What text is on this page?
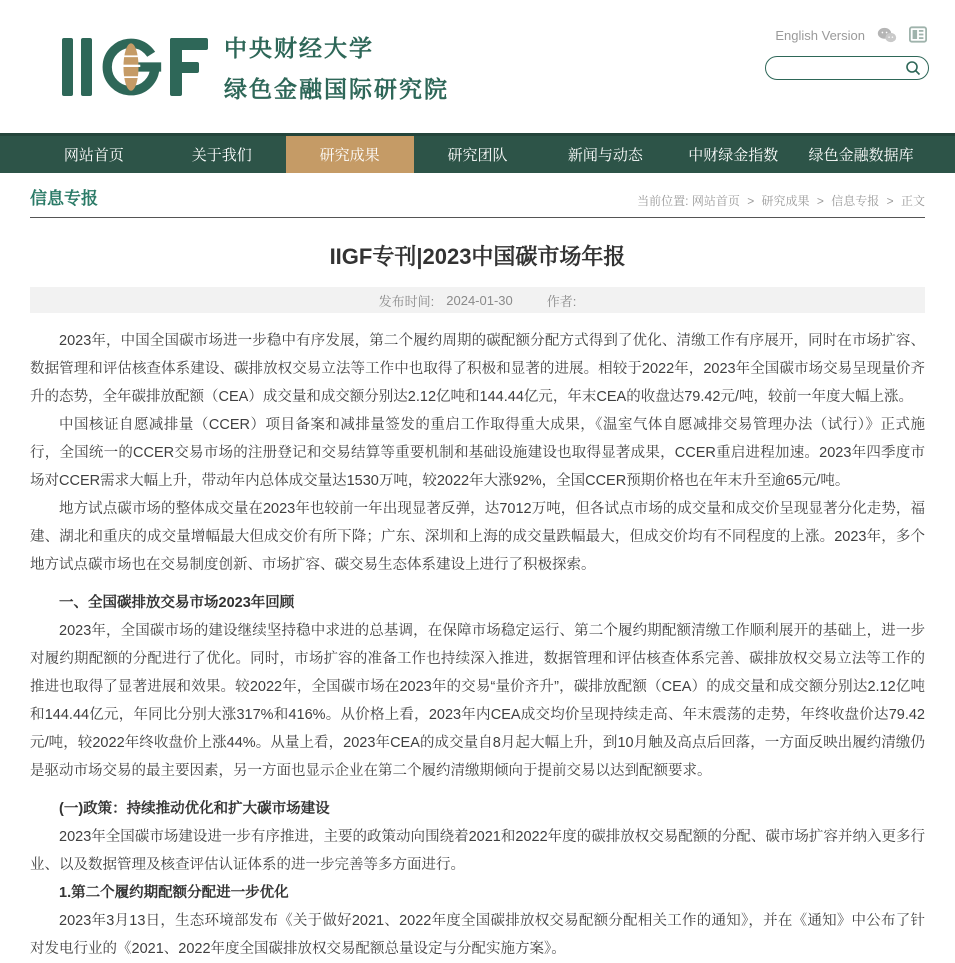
中央财经大学
绿色金融国际研究院
English Version
网站首页	关于我们	研究成果	研究团队	新闻与动态	中财绿金指数	绿色金融数据库
信息专报	当前位置: 网站首页 > 研究成果 > 信息专报 > 正文
IIGF专刊|2023中国碳市场年报
发布时间: 2024-01-30	作者:

2023年，中国全国碳市场进一步稳中有序发展，第二个履约周期的碳配额分配方式得到了优化、清缴工作有序展开，同时在市场扩容、数据管理和评估核查体系建设、碳排放权交易立法等工作中也取得了积极和显著的进展。相较于2022年，2023年全国碳市场交易呈现量价齐升的态势，全年碳排放配额（CEA）成交量和成交额分别达2.12亿吨和144.44亿元，年末CEA的收盘达79.42元/吨，较前一年度大幅上涨。

中国核证自愿减排量（CCER）项目备案和减排量签发的重启工作取得重大成果，《温室气体自愿减排交易管理办法（试行）》正式施行，全国统一的CCER交易市场的注册登记和交易结算等重要机制和基础设施建设也取得显著成果，CCER重启进程加速。2023年四季度市场对CCER需求大幅上升，带动年内总体成交量达1530万吨，较2022年大涨92%，全国CCER预期价格也在年末升至逾65元/吨。

地方试点碳市场的整体成交量在2023年也较前一年出现显著反弹，达7012万吨，但各试点市场的成交量和成交价呈现显著分化走势，福建、湖北和重庆的成交量增幅最大但成交价有所下降；广东、深圳和上海的成交量跌幅最大，但成交价均有不同程度的上涨。2023年，多个地方试点碳市场也在交易制度创新、市场扩容、碳交易生态体系建设上进行了积极探索。

一、全国碳排放交易市场2023年回顾

2023年，全国碳市场的建设继续坚持稳中求进的总基调，在保障市场稳定运行、第二个履约期配额清缴工作顺利展开的基础上，进一步对履约期配额的分配进行了优化。同时，市场扩容的准备工作也持续深入推进，数据管理和评估核查体系完善、碳排放权交易立法等工作的推进也取得了显著进展和效果。较2022年，全国碳市场在2023年的交易“量价齐升”，碳排放配额（CEA）的成交量和成交额分别达2.12亿吨和144.44亿元，年同比分别大涨317%和416%。从价格上看，2023年内CEA成交均价呈现持续走高、年末震荡的走势，年终收盘价达79.42元/吨，较2022年终收盘价上涨44%。从量上看，2023年CEA的成交量自8月起大幅上升，到10月触及高点后回落，一方面反映出履约清缴仍是驱动市场交易的最主要因素，另一方面也显示企业在第二个履约清缴期倾向于提前交易以达到配额要求。

(一)政策：持续推动优化和扩大碳市场建设

2023年全国碳市场建设进一步有序推进，主要的政策动向围绕着2021和2022年度的碳排放权交易配额的分配、碳市场扩容并纳入更多行业、以及数据管理及核查评估认证体系的进一步完善等多方面进行。

1.第二个履约期配额分配进一步优化

2023年3月13日，生态环境部发布《关于做好2021、2022年度全国碳排放权交易配额分配相关工作的通知》，并在《通知》中公布了针对发电行业的《2021、2022年度全国碳排放权交易配额总量设定与分配实施方案》。
